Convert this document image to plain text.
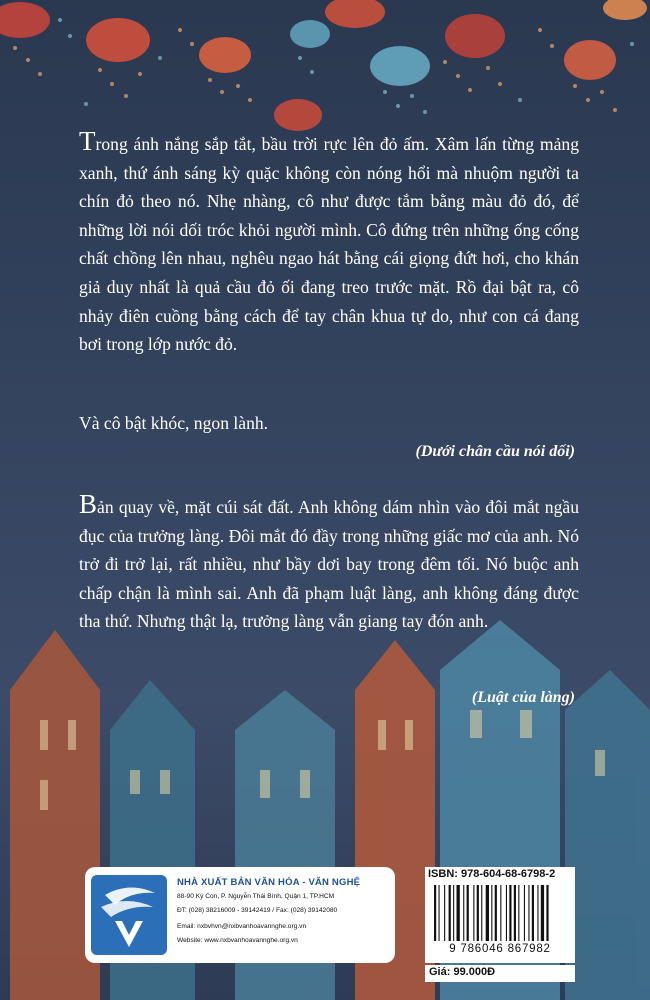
Trong ánh nắng sắp tắt, bầu trời rực lên đỏ ấm. Xâm lấn từng mảng xanh, thứ ánh sáng kỳ quặc không còn nóng hổi mà nhuộm người ta chín đỏ theo nó. Nhẹ nhàng, cô như được tắm bằng màu đỏ đó, để những lời nói dối tróc khỏi người mình. Cô đứng trên những ống cống chất chồng lên nhau, nghêu ngao hát bằng cái giọng đứt hơi, cho khán giả duy nhất là quả cầu đỏ ối đang treo trước mặt. Rồ đại bật ra, cô nhảy điên cuồng bằng cách để tay chân khua tự do, như con cá đang bơi trong lớp nước đỏ.

Và cô bật khóc, ngon lành.

(Dưới chân cầu nói dối)

Bản quay về, mặt cúi sát đất. Anh không dám nhìn vào đôi mắt ngầu đục của trưởng làng. Đôi mắt đó đầy trong những giấc mơ của anh. Nó trở đi trở lại, rất nhiều, như bầy dơi bay trong đêm tối. Nó buộc anh chấp chận là mình sai. Anh đã phạm luật làng, anh không đáng được tha thứ. Nhưng thật lạ, trưởng làng vẫn giang tay đón anh.

(Luật của làng)
NHÀ XUẤT BẢN VĂN HÓA - VĂN NGHỆ
88-90 Ký Con, P. Nguyễn Thái Bình, Quận 1, TP.HCM
ĐT: (028) 38216009 - 39142419 / Fax: (028) 39142080
Email: nxbvhvn@nxbvanhoavannghe.org.vn
Website: www.nxbvanhoavannghe.org.vn
ISBN: 978-604-68-6798-2
9 786046 867982
Giá: 99.000Đ
